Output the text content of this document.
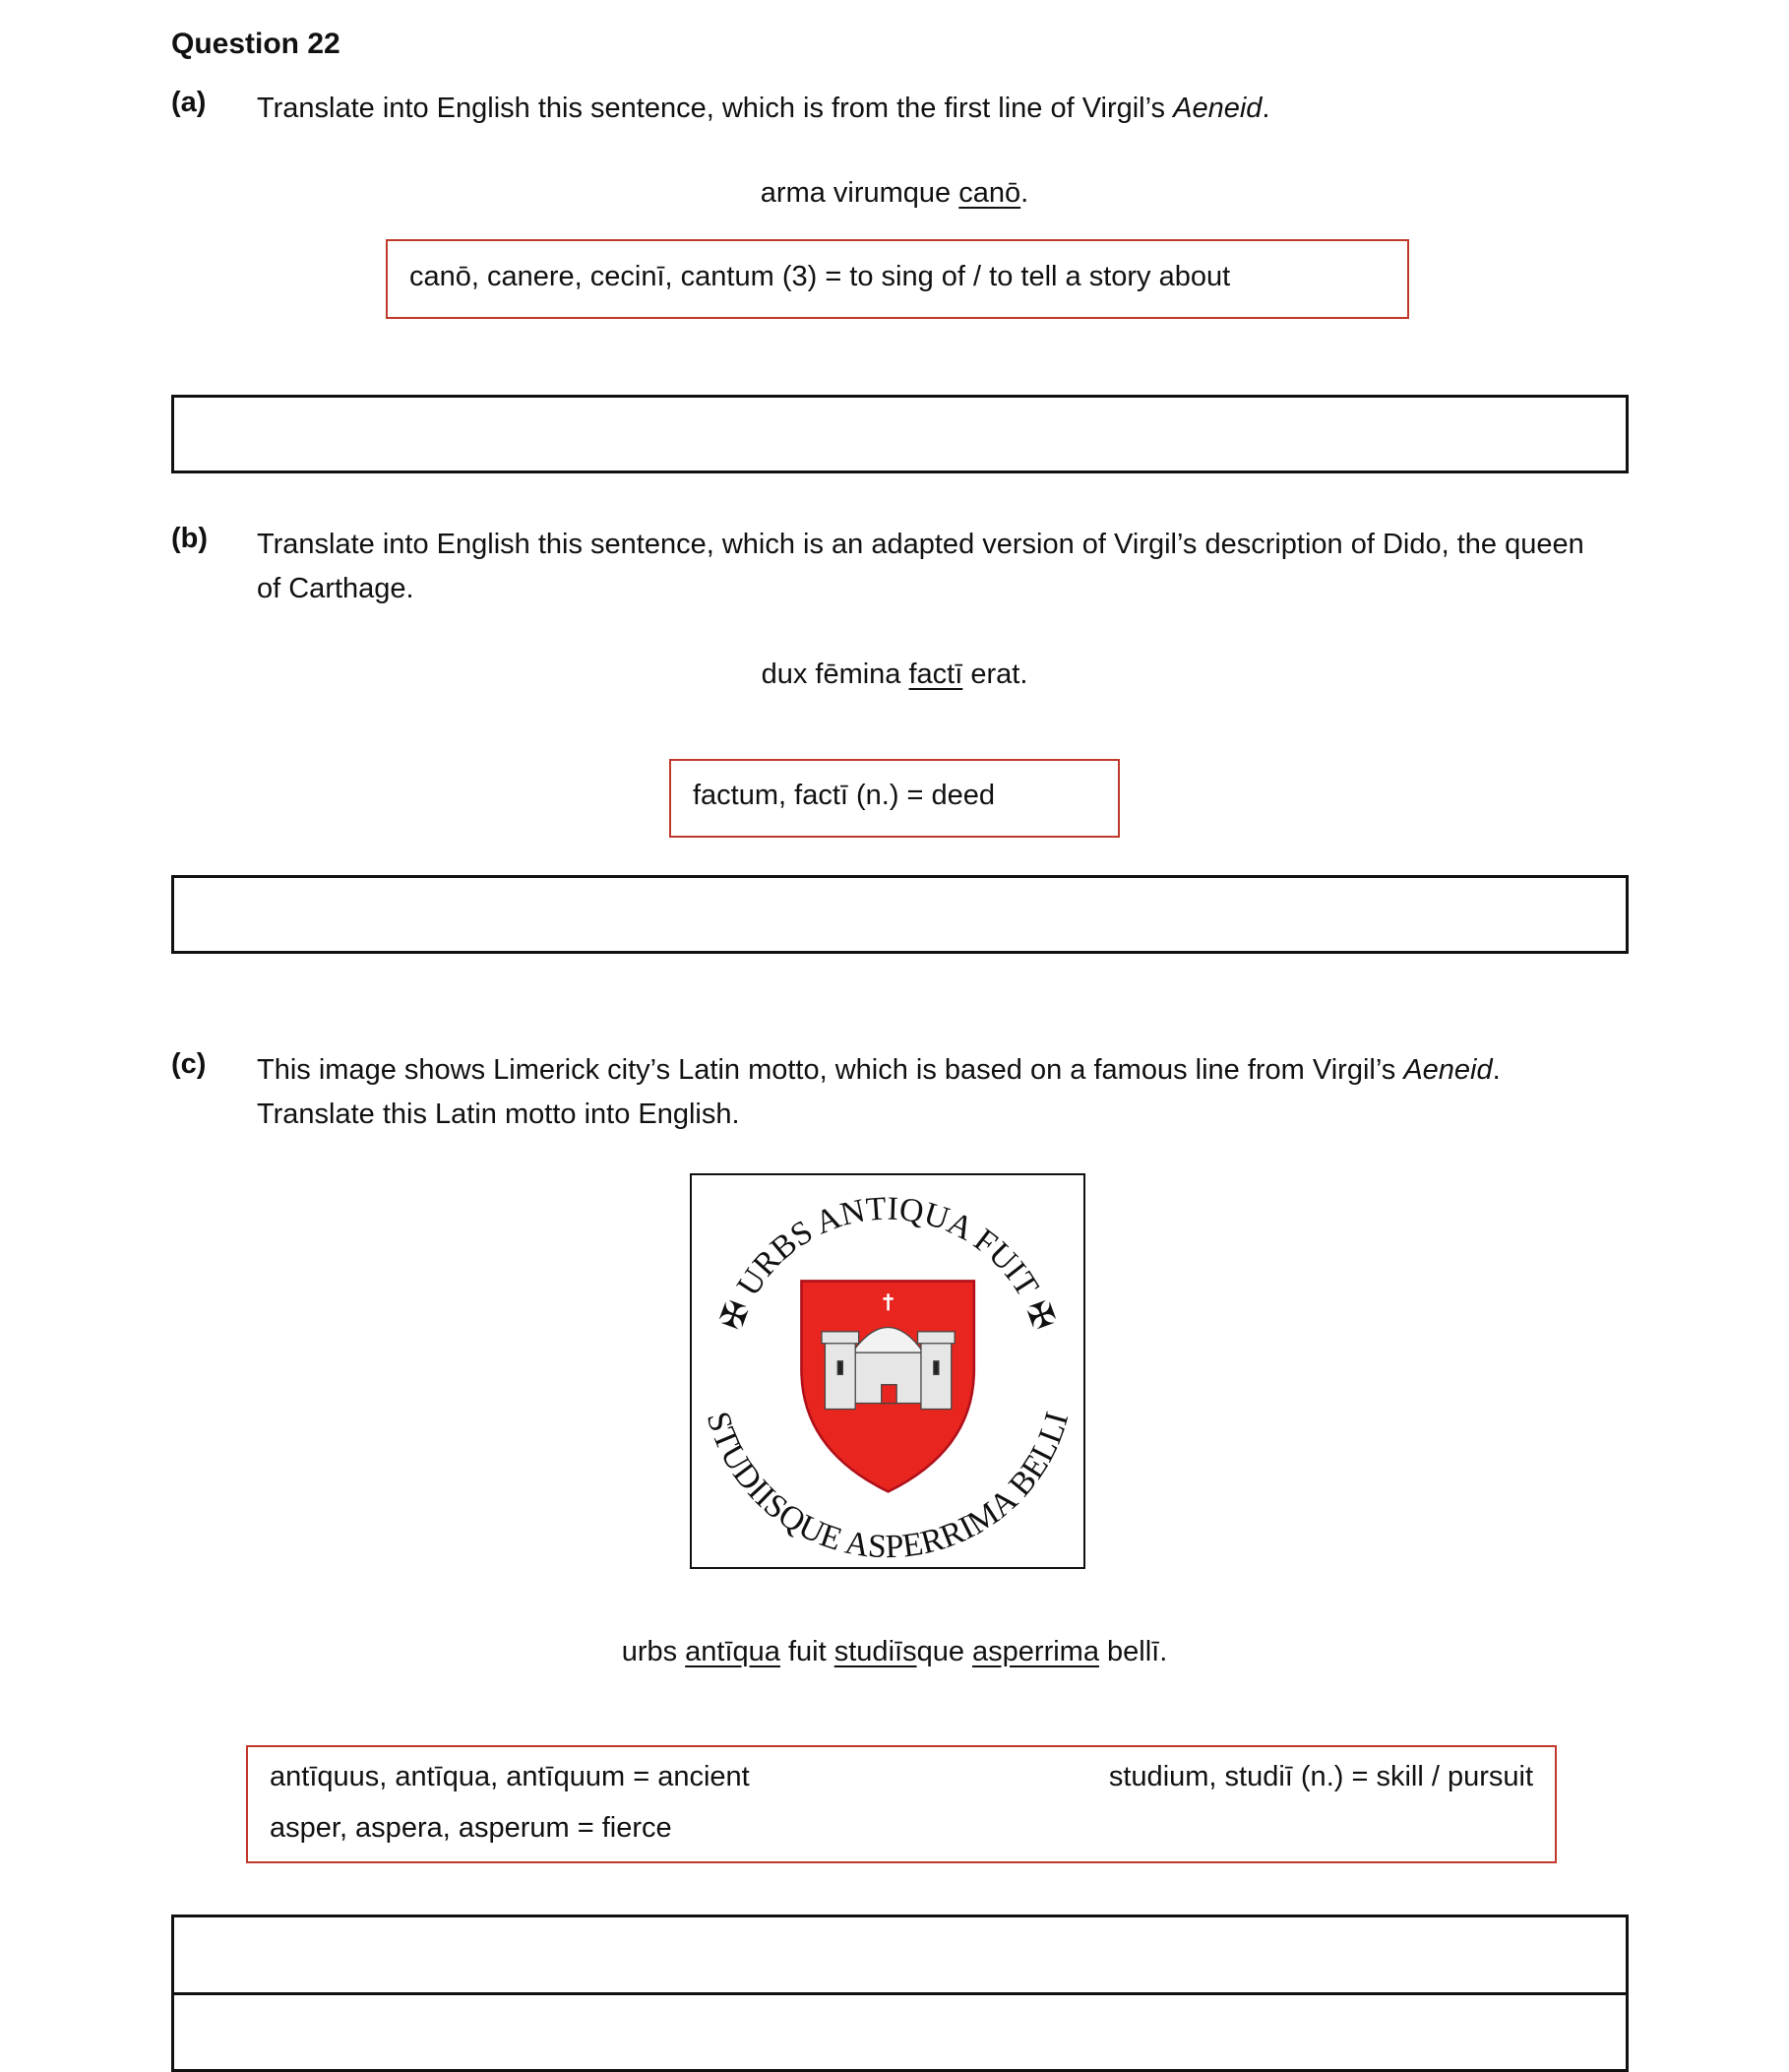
Question 22
(a) Translate into English this sentence, which is from the first line of Virgil’s Aeneid.
arma virumque canō.
canō, canere, cecinī, cantum (3) = to sing of / to tell a story about
(b) Translate into English this sentence, which is an adapted version of Virgil’s description of Dido, the queen of Carthage.
dux fēmina factī erat.
factum, factī (n.) = deed
(c) This image shows Limerick city’s Latin motto, which is based on a famous line from Virgil’s Aeneid. Translate this Latin motto into English.
✠ URBS ANTIQUA FUIT ✠
STUDIISQUE ASPERRIMA BELLI
urbs antīqua fuit studiīsque asperrima bellī.
antīquus, antīqua, antīquum = ancient	studium, studiī (n.) = skill / pursuit
asper, aspera, asperum = fierce
